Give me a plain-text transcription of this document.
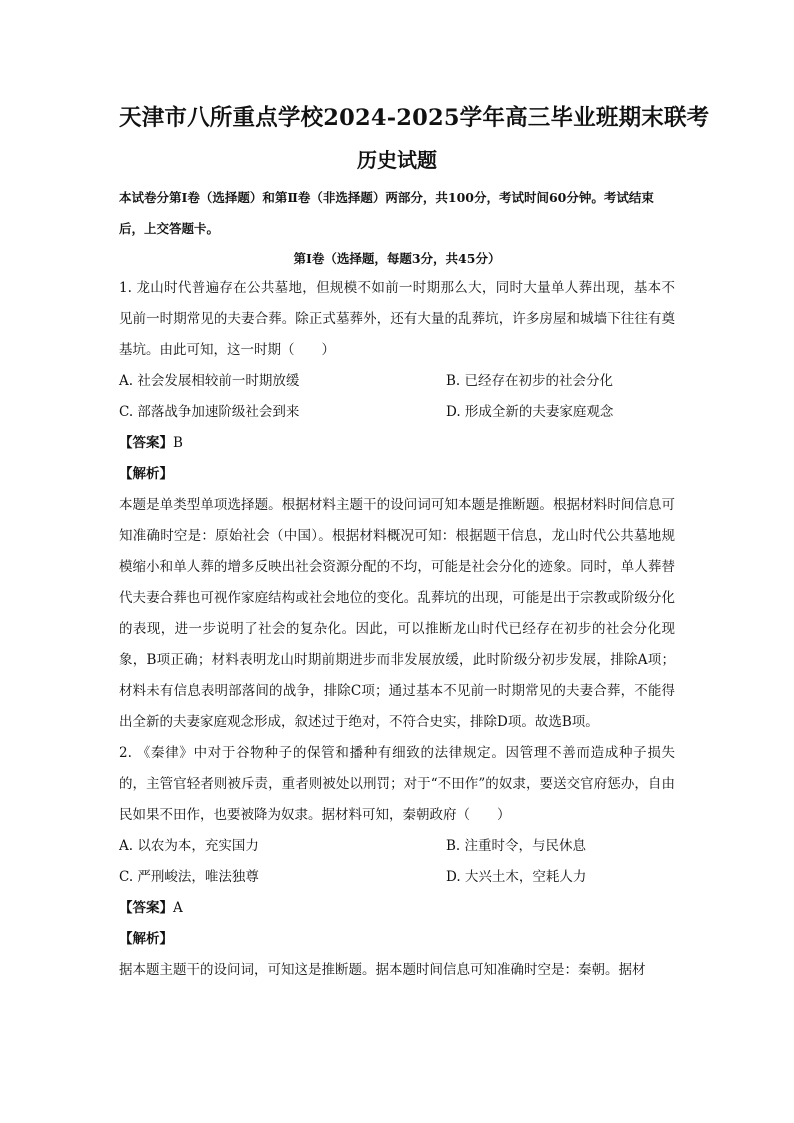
天津市八所重点学校2024-2025学年高三毕业班期末联考
历史试题
本试卷分第Ⅰ卷（选择题）和第Ⅱ卷（非选择题）两部分，共100分，考试时间60分钟。考试结束后，上交答题卡。
第Ⅰ卷（选择题，每题3分，共45分）
1. 龙山时代普遍存在公共墓地，但规模不如前一时期那么大，同时大量单人葬出现，基本不见前一时期常见的夫妻合葬。除正式墓葬外，还有大量的乱葬坑，许多房屋和城墙下往往有奠基坑。由此可知，这一时期（　　）
A. 社会发展相较前一时期放缓	B. 已经存在初步的社会分化
C. 部落战争加速阶级社会到来	D. 形成全新的夫妻家庭观念
【答案】B
【解析】
本题是单类型单项选择题。根据材料主题干的设问词可知本题是推断题。根据材料时间信息可知准确时空是：原始社会（中国）。根据材料概况可知：根据题干信息，龙山时代公共墓地规模缩小和单人葬的增多反映出社会资源分配的不均，可能是社会分化的迹象。同时，单人葬替代夫妻合葬也可视作家庭结构或社会地位的变化。乱葬坑的出现，可能是出于宗教或阶级分化的表现，进一步说明了社会的复杂化。因此，可以推断龙山时代已经存在初步的社会分化现象，B项正确；材料表明龙山时期前期进步而非发展放缓，此时阶级分初步发展，排除A项；材料未有信息表明部落间的战争，排除C项；通过基本不见前一时期常见的夫妻合葬，不能得出全新的夫妻家庭观念形成，叙述过于绝对，不符合史实，排除D项。故选B项。
2. 《秦律》中对于谷物种子的保管和播种有细致的法律规定。因管理不善而造成种子损失的，主管官轻者则被斥责，重者则被处以刑罚；对于“不田作”的奴隶，要送交官府惩办，自由民如果不田作，也要被降为奴隶。据材料可知，秦朝政府（　　）
A. 以农为本，充实国力	B. 注重时令，与民休息
C. 严刑峻法，唯法独尊	D. 大兴土木，空耗人力
【答案】A
【解析】
据本题主题干的设问词，可知这是推断题。据本题时间信息可知准确时空是：秦朝。据材
